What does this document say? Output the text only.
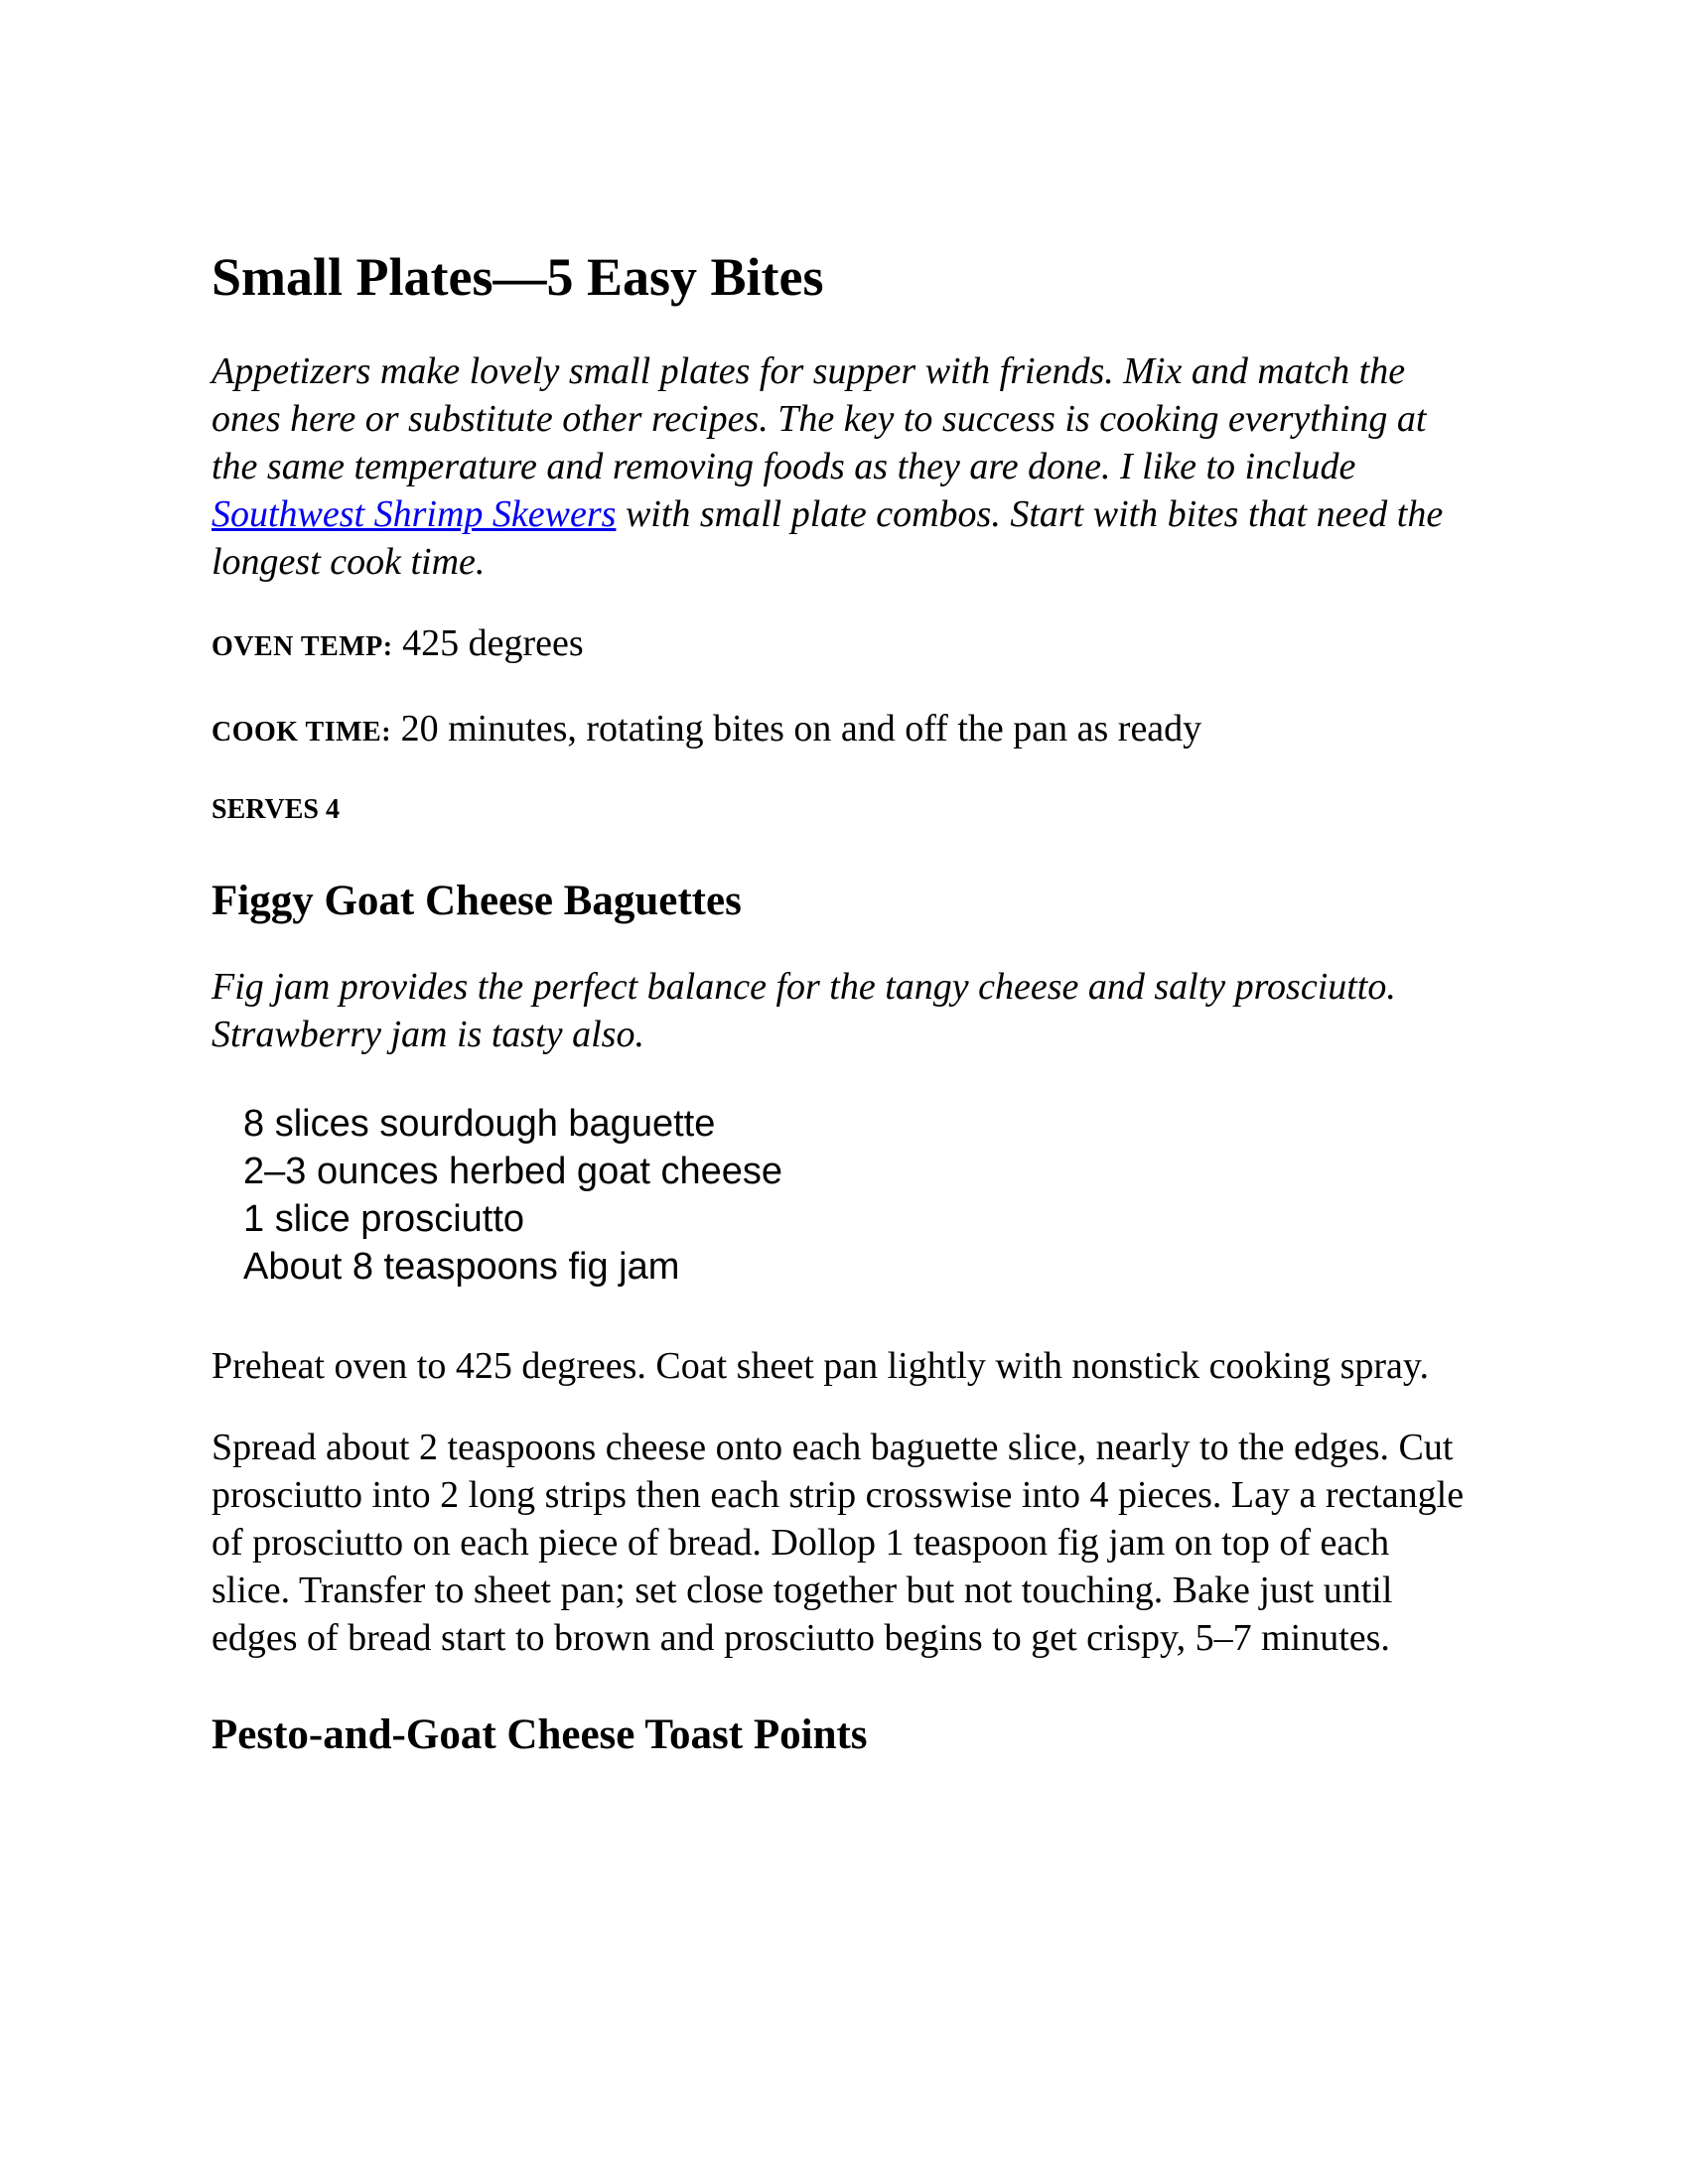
Small Plates—5 Easy Bites

Appetizers make lovely small plates for supper with friends. Mix and match the ones here or substitute other recipes. The key to success is cooking everything at the same temperature and removing foods as they are done. I like to include Southwest Shrimp Skewers with small plate combos. Start with bites that need the longest cook time.

OVEN TEMP: 425 degrees

COOK TIME: 20 minutes, rotating bites on and off the pan as ready

SERVES 4

Figgy Goat Cheese Baguettes

Fig jam provides the perfect balance for the tangy cheese and salty prosciutto. Strawberry jam is tasty also.

8 slices sourdough baguette
2–3 ounces herbed goat cheese
1 slice prosciutto
About 8 teaspoons fig jam

Preheat oven to 425 degrees. Coat sheet pan lightly with nonstick cooking spray.

Spread about 2 teaspoons cheese onto each baguette slice, nearly to the edges. Cut prosciutto into 2 long strips then each strip crosswise into 4 pieces. Lay a rectangle of prosciutto on each piece of bread. Dollop 1 teaspoon fig jam on top of each slice. Transfer to sheet pan; set close together but not touching. Bake just until edges of bread start to brown and prosciutto begins to get crispy, 5–7 minutes.

Pesto-and-Goat Cheese Toast Points
